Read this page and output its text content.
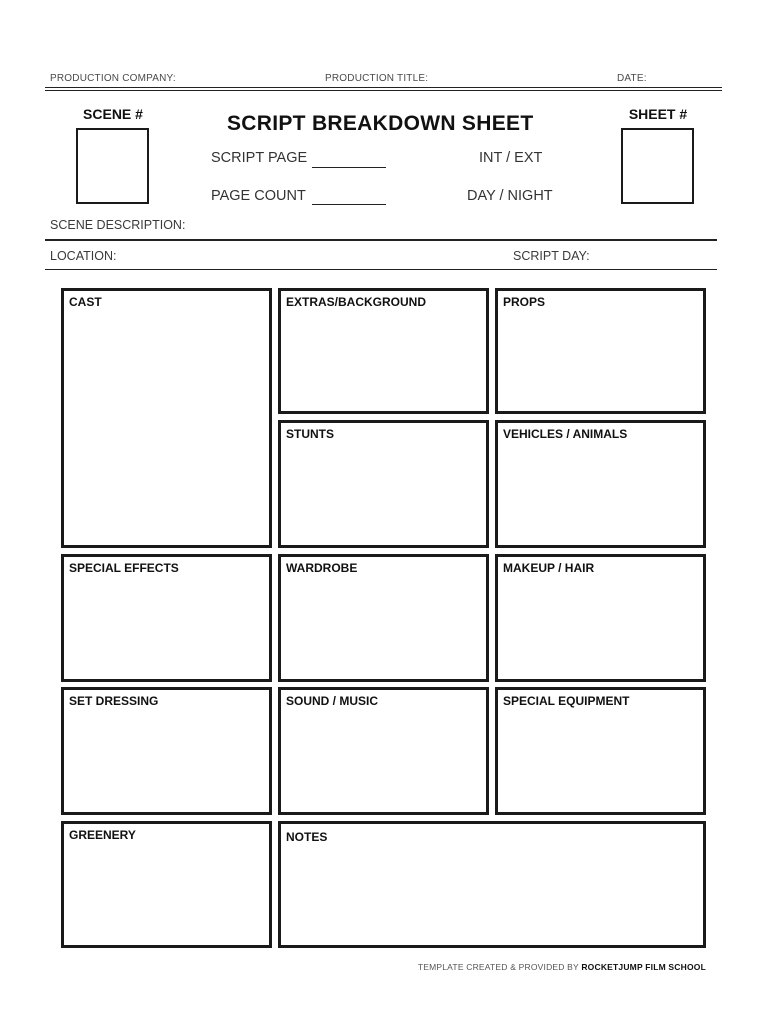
PRODUCTION COMPANY:	PRODUCTION TITLE:	DATE:
SCENE #	SCRIPT BREAKDOWN SHEET
SCRIPT PAGE
PAGE COUNT
INT / EXT
DAY / NIGHT
SHEET #
SCENE DESCRIPTION:
LOCATION:	SCRIPT DAY:
CAST	EXTRAS/BACKGROUND	PROPS
STUNTS	VEHICLES / ANIMALS
SPECIAL EFFECTS	WARDROBE	MAKEUP / HAIR
SET DRESSING	SOUND / MUSIC	SPECIAL EQUIPMENT
GREENERY	NOTES
TEMPLATE CREATED & PROVIDED BY ROCKETJUMP FILM SCHOOL
